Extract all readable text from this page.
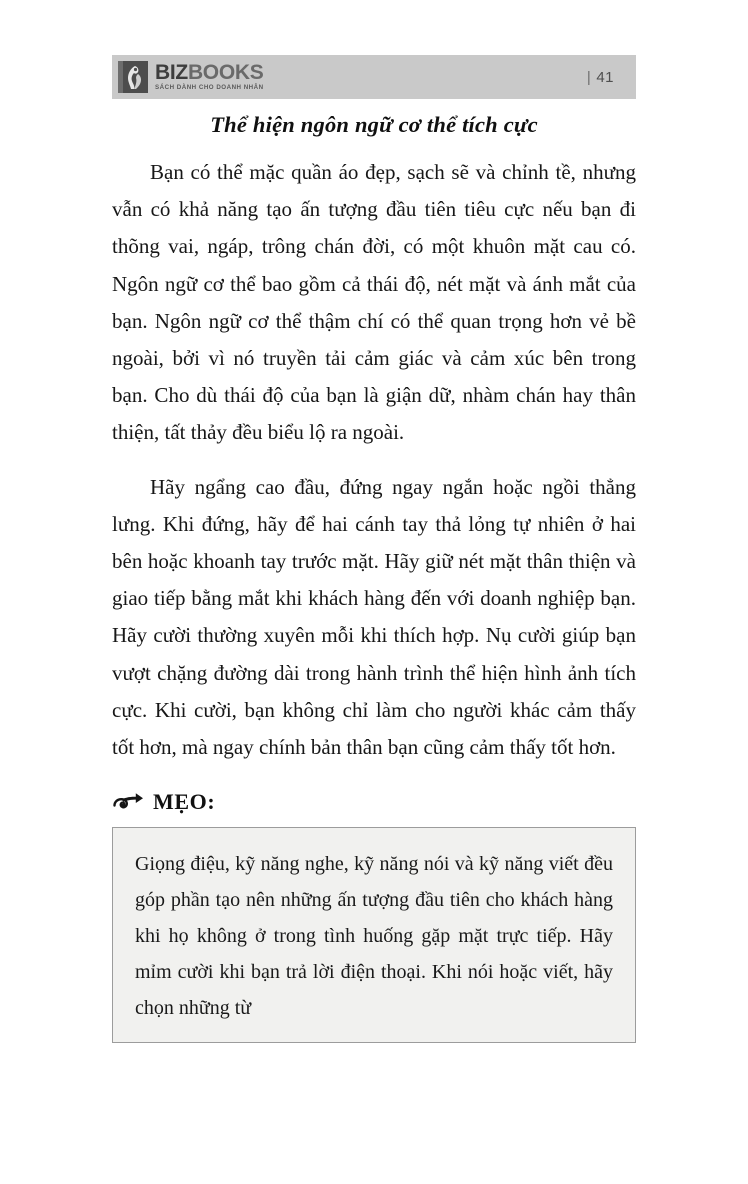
BIZBOOKS
SÁCH DÀNH CHO DOANH NHÂN
| 41
Thể hiện ngôn ngữ cơ thể tích cực

Bạn có thể mặc quần áo đẹp, sạch sẽ và chỉnh tề, nhưng vẫn có khả năng tạo ấn tượng đầu tiên tiêu cực nếu bạn đi thõng vai, ngáp, trông chán đời, có một khuôn mặt cau có. Ngôn ngữ cơ thể bao gồm cả thái độ, nét mặt và ánh mắt của bạn. Ngôn ngữ cơ thể thậm chí có thể quan trọng hơn vẻ bề ngoài, bởi vì nó truyền tải cảm giác và cảm xúc bên trong bạn. Cho dù thái độ của bạn là giận dữ, nhàm chán hay thân thiện, tất thảy đều biểu lộ ra ngoài.

Hãy ngẩng cao đầu, đứng ngay ngắn hoặc ngồi thẳng lưng. Khi đứng, hãy để hai cánh tay thả lỏng tự nhiên ở hai bên hoặc khoanh tay trước mặt. Hãy giữ nét mặt thân thiện và giao tiếp bằng mắt khi khách hàng đến với doanh nghiệp bạn. Hãy cười thường xuyên mỗi khi thích hợp. Nụ cười giúp bạn vượt chặng đường dài trong hành trình thể hiện hình ảnh tích cực. Khi cười, bạn không chỉ làm cho người khác cảm thấy tốt hơn, mà ngay chính bản thân bạn cũng cảm thấy tốt hơn.

MẸO:

Giọng điệu, kỹ năng nghe, kỹ năng nói và kỹ năng viết đều góp phần tạo nên những ấn tượng đầu tiên cho khách hàng khi họ không ở trong tình huống gặp mặt trực tiếp. Hãy mỉm cười khi bạn trả lời điện thoại. Khi nói hoặc viết, hãy chọn những từ
